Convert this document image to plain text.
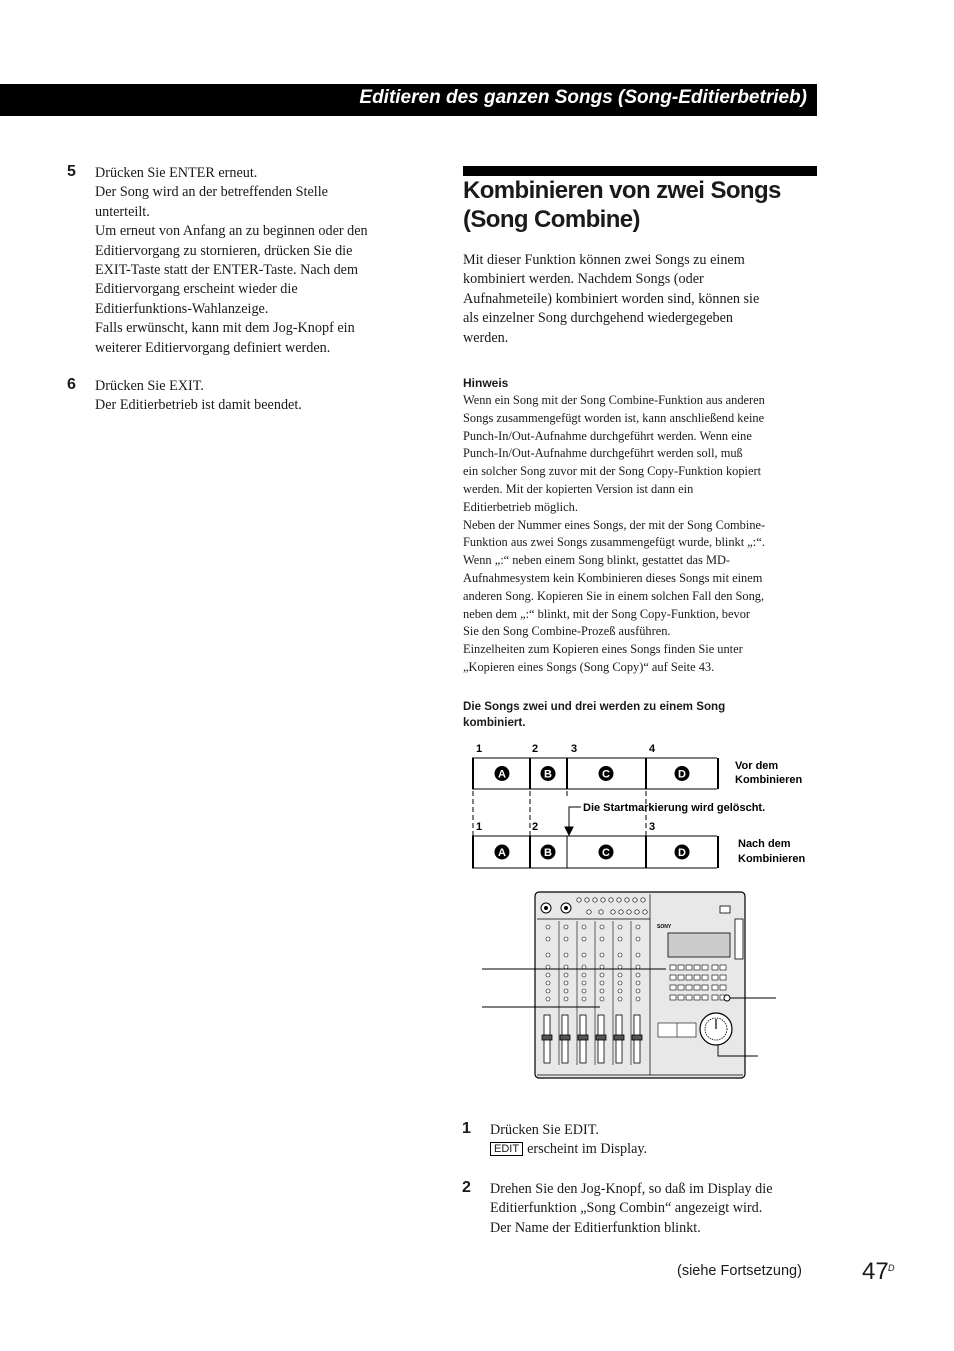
Editieren des ganzen Songs (Song-Editierbetrieb)
5 Drücken Sie ENTER erneut.
Der Song wird an der betreffenden Stelle
unterteilt.
Um erneut von Anfang an zu beginnen oder den
Editiervorgang zu stornieren, drücken Sie die
EXIT-Taste statt der ENTER-Taste. Nach dem
Editiervorgang erscheint wieder die
Editierfunktions-Wahlanzeige.
Falls erwünscht, kann mit dem Jog-Knopf ein
weiterer Editiervorgang definiert werden.
6 Drücken Sie EXIT.
Der Editierbetrieb ist damit beendet.
Kombinieren von zwei Songs
(Song Combine)
Mit dieser Funktion können zwei Songs zu einem
kombiniert werden. Nachdem Songs (oder
Aufnahmeteile) kombiniert worden sind, können sie
als einzelner Song durchgehend wiedergegeben
werden.
Hinweis
Wenn ein Song mit der Song Combine-Funktion aus anderen
Songs zusammengefügt worden ist, kann anschließend keine
Punch-In/Out-Aufnahme durchgeführt werden. Wenn eine
Punch-In/Out-Aufnahme durchgeführt werden soll, muß
ein solcher Song zuvor mit der Song Copy-Funktion kopiert
werden. Mit der kopierten Version ist dann ein
Editierbetrieb möglich.
Neben der Nummer eines Songs, der mit der Song Combine-
Funktion aus zwei Songs zusammengefügt wurde, blinkt „:“.
Wenn „:“ neben einem Song blinkt, gestattet das MD-
Aufnahmesystem kein Kombinieren dieses Songs mit einem
anderen Song. Kopieren Sie in einem solchen Fall den Song,
neben dem „:“ blinkt, mit der Song Copy-Funktion, bevor
Sie den Song Combine-Prozeß ausführen.
Einzelheiten zum Kopieren eines Songs finden Sie unter
„Kopieren eines Songs (Song Copy)“ auf Seite 43.
Die Songs zwei und drei werden zu einem Song
kombiniert.
1	2	3	4
A	B	C	D
Vor dem
Kombinieren
Die Startmarkierung wird gelöscht.
1	2	3
A	B	C	D
Nach dem
Kombinieren
SONY
1 Drücken Sie EDIT.
EDIT erscheint im Display.
2 Drehen Sie den Jog-Knopf, so daß im Display die
Editierfunktion „Song Combin“ angezeigt wird.
Der Name der Editierfunktion blinkt.
(siehe Fortsetzung)	47 D
